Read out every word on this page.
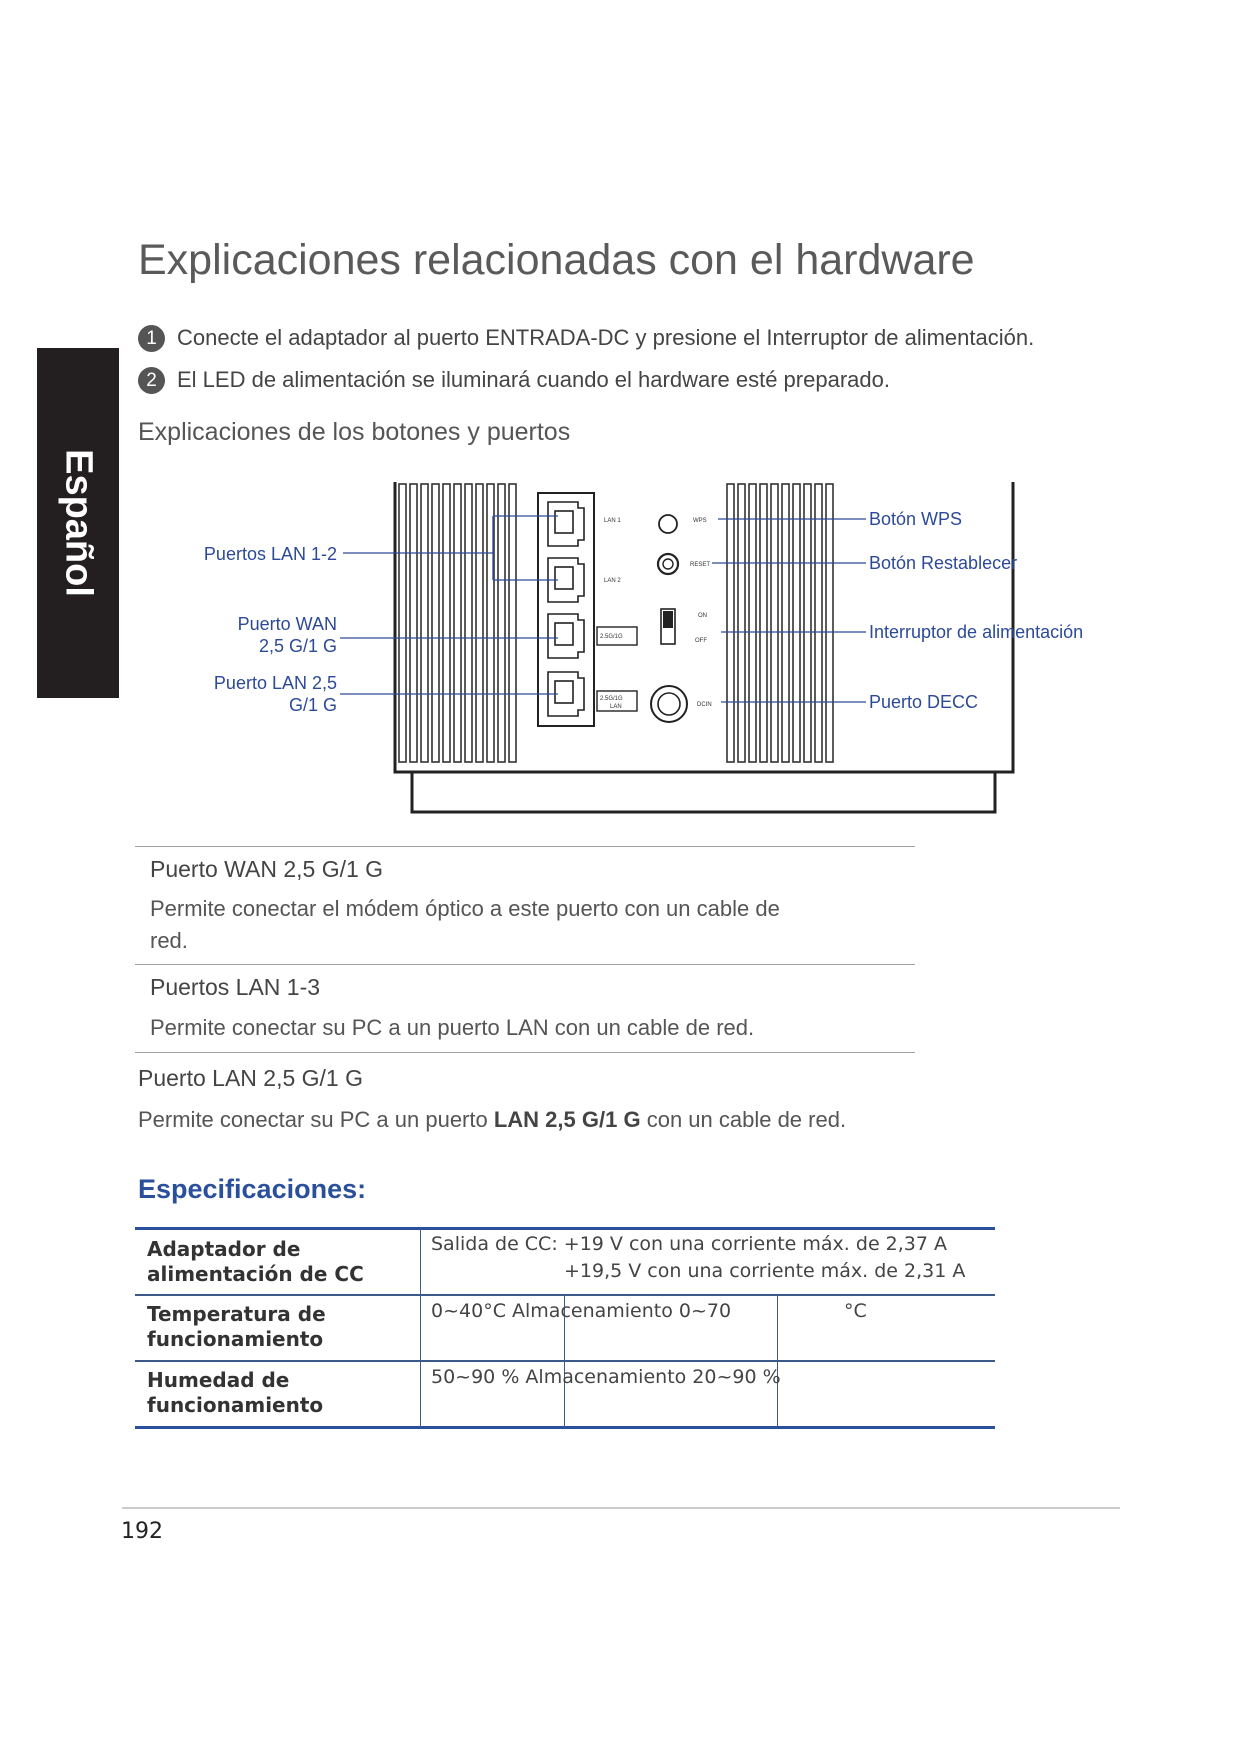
Español
Explicaciones relacionadas con el hardware
1 Conecte el adaptador al puerto ENTRADA-DC y presione el Interruptor de alimentación.
2 El LED de alimentación se iluminará cuando el hardware esté preparado.
Explicaciones de los botones y puertos
LAN 1
LAN 2
2.5G/1G
2.5G/1G
LAN
WPS
RESET
ON
OFF
DCIN
Puertos LAN 1-2
Puerto WAN
2,5 G/1 G
Puerto LAN 2,5
G/1 G
Botón WPS
Botón Restablecer
Interruptor de alimentación
Puerto DECC
Puerto WAN 2,5 G/1 G
Permite conectar el módem óptico a este puerto con un cable de
red.
Puertos LAN 1-3
Permite conectar su PC a un puerto LAN con un cable de red.
Puerto LAN 2,5 G/1 G
Permite conectar su PC a un puerto LAN 2,5 G/1 G con un cable de red.
Especificaciones:
Adaptador de
alimentación de CC
Salida de CC: +19 V con una corriente máx. de 2,37 A
+19,5 V con una corriente máx. de 2,31 A
Temperatura de
funcionamiento
0~40°C Almacenamiento 0~70	°C
Humedad de
funcionamiento
50~90 % Almacenamiento 20~90 %
192
